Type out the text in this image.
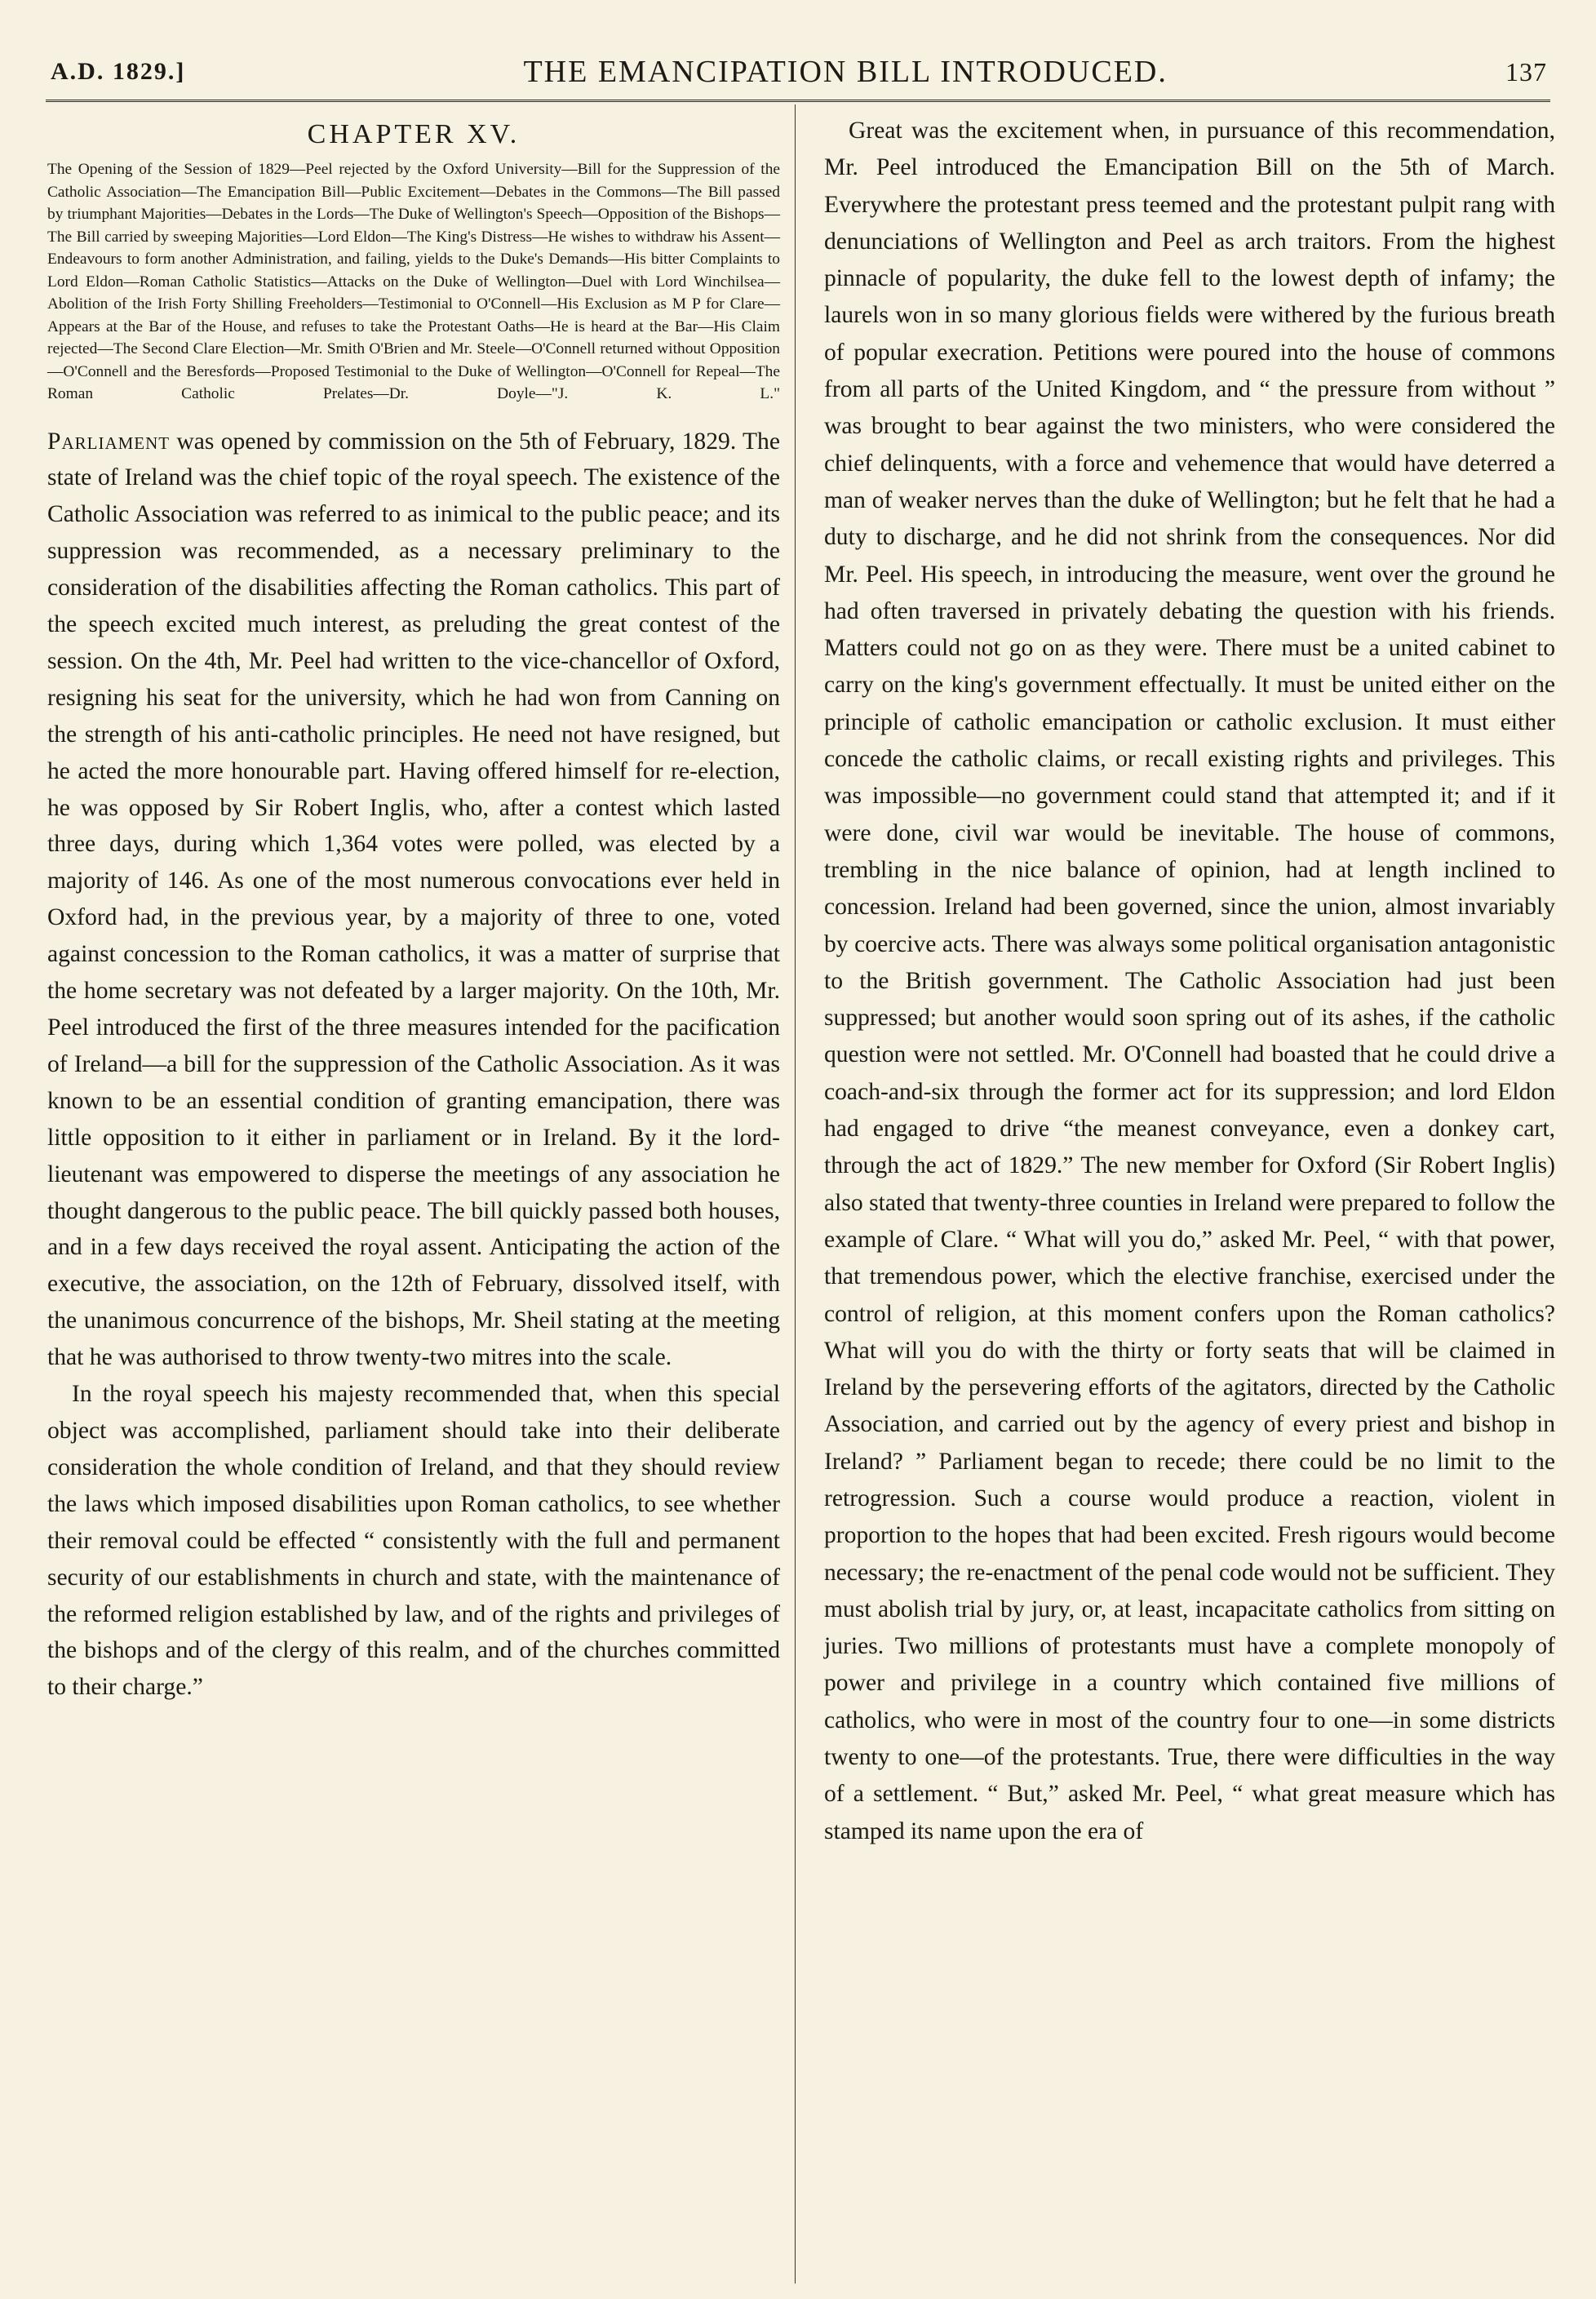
A.D. 1829.]	THE EMANCIPATION BILL INTRODUCED.	137
CHAPTER XV.
The Opening of the Session of 1829—Peel rejected by the Oxford University—Bill for the Suppression of the Catholic Association—The Emancipation Bill—Public Excitement—Debates in the Commons—The Bill passed by triumphant Majorities—Debates in the Lords—The Duke of Wellington's Speech—Opposition of the Bishops—The Bill carried by sweeping Majorities—Lord Eldon—The King's Distress—He wishes to withdraw his Assent—Endeavours to form another Administration, and failing, yields to the Duke's Demands—His bitter Complaints to Lord Eldon—Roman Catholic Statistics—Attacks on the Duke of Wellington—Duel with Lord Winchilsea—Abolition of the Irish Forty Shilling Freeholders—Testimonial to O'Connell—His Exclusion as M P for Clare—Appears at the Bar of the House, and refuses to take the Protestant Oaths—He is heard at the Bar—His Claim rejected—The Second Clare Election—Mr. Smith O'Brien and Mr. Steele—O'Connell returned without Opposition—O'Connell and the Beresfords—Proposed Testimonial to the Duke of Wellington—O'Connell for Repeal—The Roman Catholic Prelates—Dr. Doyle—"J. K. L."

Parliament was opened by commission on the 5th of February, 1829. The state of Ireland was the chief topic of the royal speech. The existence of the Catholic Association was referred to as inimical to the public peace; and its suppression was recommended, as a necessary preliminary to the consideration of the disabilities affecting the Roman catholics. This part of the speech excited much interest, as preluding the great contest of the session. On the 4th, Mr. Peel had written to the vice-chancellor of Oxford, resigning his seat for the university, which he had won from Canning on the strength of his anti-catholic principles. He need not have resigned, but he acted the more honourable part. Having offered himself for re-election, he was opposed by Sir Robert Inglis, who, after a contest which lasted three days, during which 1,364 votes were polled, was elected by a majority of 146. As one of the most numerous convocations ever held in Oxford had, in the previous year, by a majority of three to one, voted against concession to the Roman catholics, it was a matter of surprise that the home secretary was not defeated by a larger majority. On the 10th, Mr. Peel introduced the first of the three measures intended for the pacification of Ireland—a bill for the suppression of the Catholic Association. As it was known to be an essential condition of granting emancipation, there was little opposition to it either in parliament or in Ireland. By it the lord-lieutenant was empowered to disperse the meetings of any association he thought dangerous to the public peace. The bill quickly passed both houses, and in a few days received the royal assent. Anticipating the action of the executive, the association, on the 12th of February, dissolved itself, with the unanimous concurrence of the bishops, Mr. Sheil stating at the meeting that he was authorised to throw twenty-two mitres into the scale.

In the royal speech his majesty recommended that, when this special object was accomplished, parliament should take into their deliberate consideration the whole condition of Ireland, and that they should review the laws which imposed disabilities upon Roman catholics, to see whether their removal could be effected “ consistently with the full and permanent security of our establishments in church and state, with the maintenance of the reformed religion established by law, and of the rights and privileges of the bishops and of the clergy of this realm, and of the churches committed to their charge.”

Great was the excitement when, in pursuance of this recommendation, Mr. Peel introduced the Emancipation Bill on the 5th of March. Everywhere the protestant press teemed and the protestant pulpit rang with denunciations of Wellington and Peel as arch traitors. From the highest pinnacle of popularity, the duke fell to the lowest depth of infamy; the laurels won in so many glorious fields were withered by the furious breath of popular execration. Petitions were poured into the house of commons from all parts of the United Kingdom, and “ the pressure from without ” was brought to bear against the two ministers, who were considered the chief delinquents, with a force and vehemence that would have deterred a man of weaker nerves than the duke of Wellington; but he felt that he had a duty to discharge, and he did not shrink from the consequences. Nor did Mr. Peel. His speech, in introducing the measure, went over the ground he had often traversed in privately debating the question with his friends. Matters could not go on as they were. There must be a united cabinet to carry on the king's government effectually. It must be united either on the principle of catholic emancipation or catholic exclusion. It must either concede the catholic claims, or recall existing rights and privileges. This was impossible—no government could stand that attempted it; and if it were done, civil war would be inevitable. The house of commons, trembling in the nice balance of opinion, had at length inclined to concession. Ireland had been governed, since the union, almost invariably by coercive acts. There was always some political organisation antagonistic to the British government. The Catholic Association had just been suppressed; but another would soon spring out of its ashes, if the catholic question were not settled. Mr. O'Connell had boasted that he could drive a coach-and-six through the former act for its suppression; and lord Eldon had engaged to drive “the meanest conveyance, even a donkey cart, through the act of 1829.” The new member for Oxford (Sir Robert Inglis) also stated that twenty-three counties in Ireland were prepared to follow the example of Clare. “ What will you do,” asked Mr. Peel, “ with that power, that tremendous power, which the elective franchise, exercised under the control of religion, at this moment confers upon the Roman catholics? What will you do with the thirty or forty seats that will be claimed in Ireland by the persevering efforts of the agitators, directed by the Catholic Association, and carried out by the agency of every priest and bishop in Ireland? ” Parliament began to recede; there could be no limit to the retrogression. Such a course would produce a reaction, violent in proportion to the hopes that had been excited. Fresh rigours would become necessary; the re-enactment of the penal code would not be sufficient. They must abolish trial by jury, or, at least, incapacitate catholics from sitting on juries. Two millions of protestants must have a complete monopoly of power and privilege in a country which contained five millions of catholics, who were in most of the country four to one—in some districts twenty to one—of the protestants. True, there were difficulties in the way of a settlement. “ But,” asked Mr. Peel, “ what great measure which has stamped its name upon the era of
